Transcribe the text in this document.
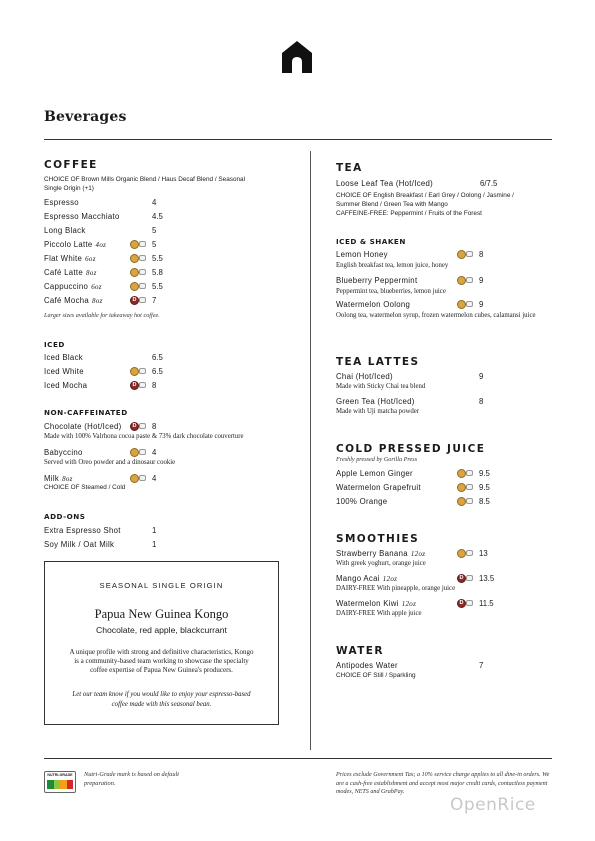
Beverages
COFFEE
CHOICE OF Brown Mills Organic Blend / Haus Decaf Blend / Seasonal Single Origin (+1)
Espresso	4
Espresso Macchiato	4.5
Long Black	5
Piccolo Latte 4oz	5
Flat White 6oz	5.5
Café Latte 8oz	5.8
Cappuccino 6oz	5.5
Café Mocha 8oz	D	7
Larger sizes available for takeaway hot coffee.
ICED
Iced Black	6.5
Iced White	6.5
Iced Mocha	D	8
NON-CAFFEINATED
Chocolate (Hot/Iced)	D	8
Made with 100% Valrhona cocoa paste & 73% dark chocolate couverture
Babyccino	4
Served with Oreo powder and a dinosaur cookie
Milk 8oz	4
CHOICE OF Steamed / Cold
ADD-ONS
Extra Espresso Shot	1
Soy Milk / Oat Milk	1
SEASONAL SINGLE ORIGIN
Papua New Guinea Kongo
Chocolate, red apple, blackcurrant
A unique profile with strong and definitive characteristics, Kongo is a community-based team working to showcase the specialty coffee expertise of Papua New Guinea's producers.
Let our team know if you would like to enjoy your espresso-based coffee made with this seasonal bean.
TEA
Loose Leaf Tea (Hot/Iced)	6/7.5
CHOICE OF English Breakfast / Earl Grey / Oolong / Jasmine / Summer Blend / Green Tea with Mango
CAFFEINE-FREE: Peppermint / Fruits of the Forest
ICED & SHAKEN
Lemon Honey	8
English breakfast tea, lemon juice, honey
Blueberry Peppermint	9
Peppermint tea, blueberries, lemon juice
Watermelon Oolong	9
Oolong tea, watermelon syrup, frozen watermelon cubes, calamansi juice
TEA LATTES
Chai (Hot/Iced)	9
Made with Sticky Chai tea blend
Green Tea (Hot/Iced)	8
Made with Uji matcha powder
COLD PRESSED JUICE
Freshly pressed by Gorilla Press
Apple Lemon Ginger	9.5
Watermelon Grapefruit	9.5
100% Orange	8.5
SMOOTHIES
Strawberry Banana 12oz	13
With greek yoghurt, orange juice
Mango Acai 12oz	D	13.5
DAIRY-FREE With pineapple, orange juice
Watermelon Kiwi 12oz	D	11.5
DAIRY-FREE With apple juice
WATER
Antipodes Water	7
CHOICE OF Still / Sparkling
NUTRI-GRADE	Nutri-Grade mark is based on default preparation.
Prices exclude Government Tax; a 10% service charge applies to all dine-in orders. We are a cash-free establishment and accept most major credit cards, contactless payment modes, NETS and GrabPay.
OpenRice
